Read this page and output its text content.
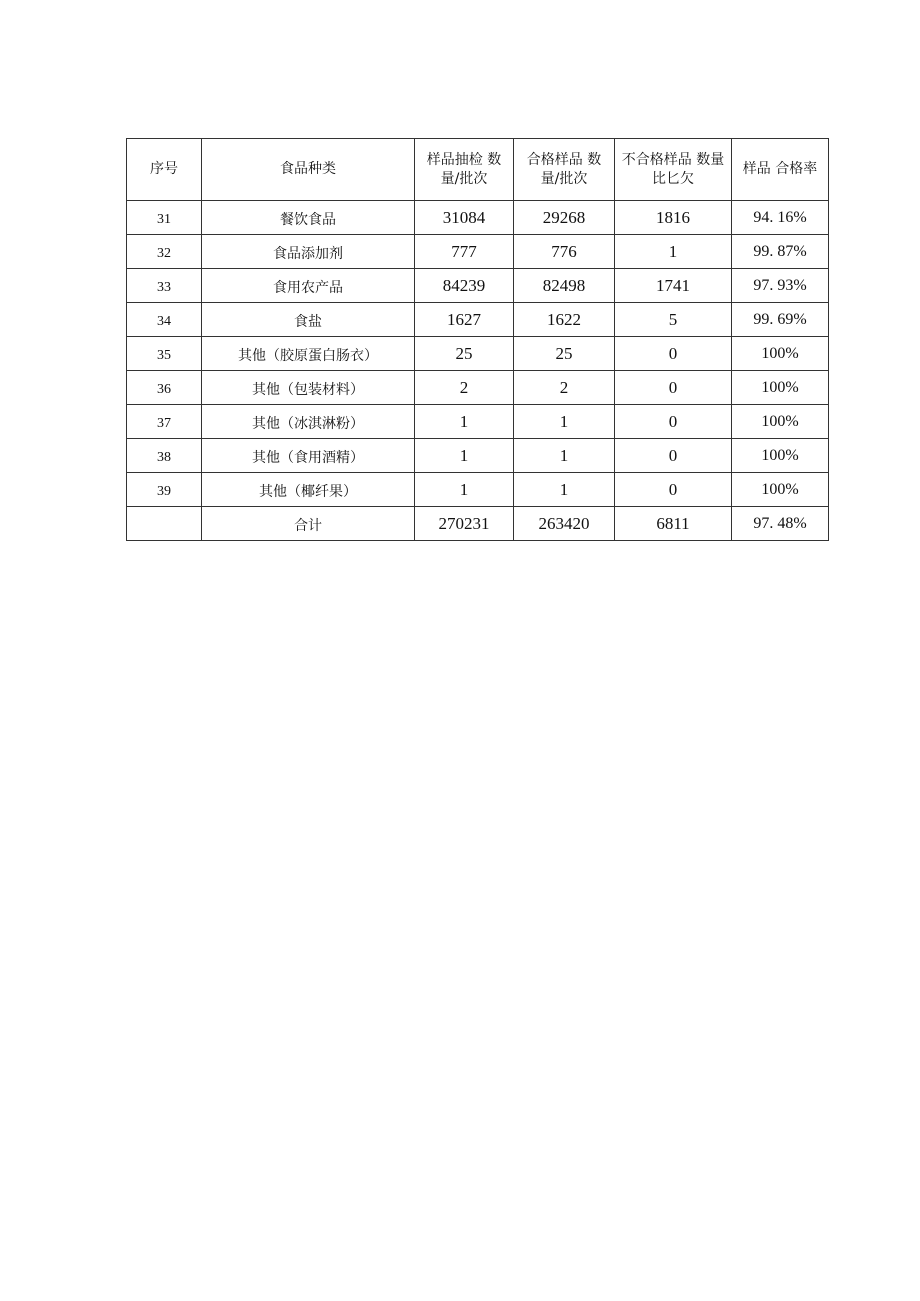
序号	食品种类	样品抽检 数量/批次	合格样品 数量/批次	不合格样品 数量比匕欠	样品 合格率

31	餐饮食品	31084	29268	1816	94. 16%
32	食品添加剂	777	776	1	99. 87%
33	食用农产品	84239	82498	1741	97. 93%
34	食盐	1627	1622	5	99. 69%
35	其他（胶原蛋白肠衣）	25	25	0	100%
36	其他（包装材料）	2	2	0	100%
37	其他（冰淇淋粉）	1	1	0	100%
38	其他（食用酒精）	1	1	0	100%
39	其他（椰纤果）	1	1	0	100%
	合计	270231	263420	6811	97. 48%
